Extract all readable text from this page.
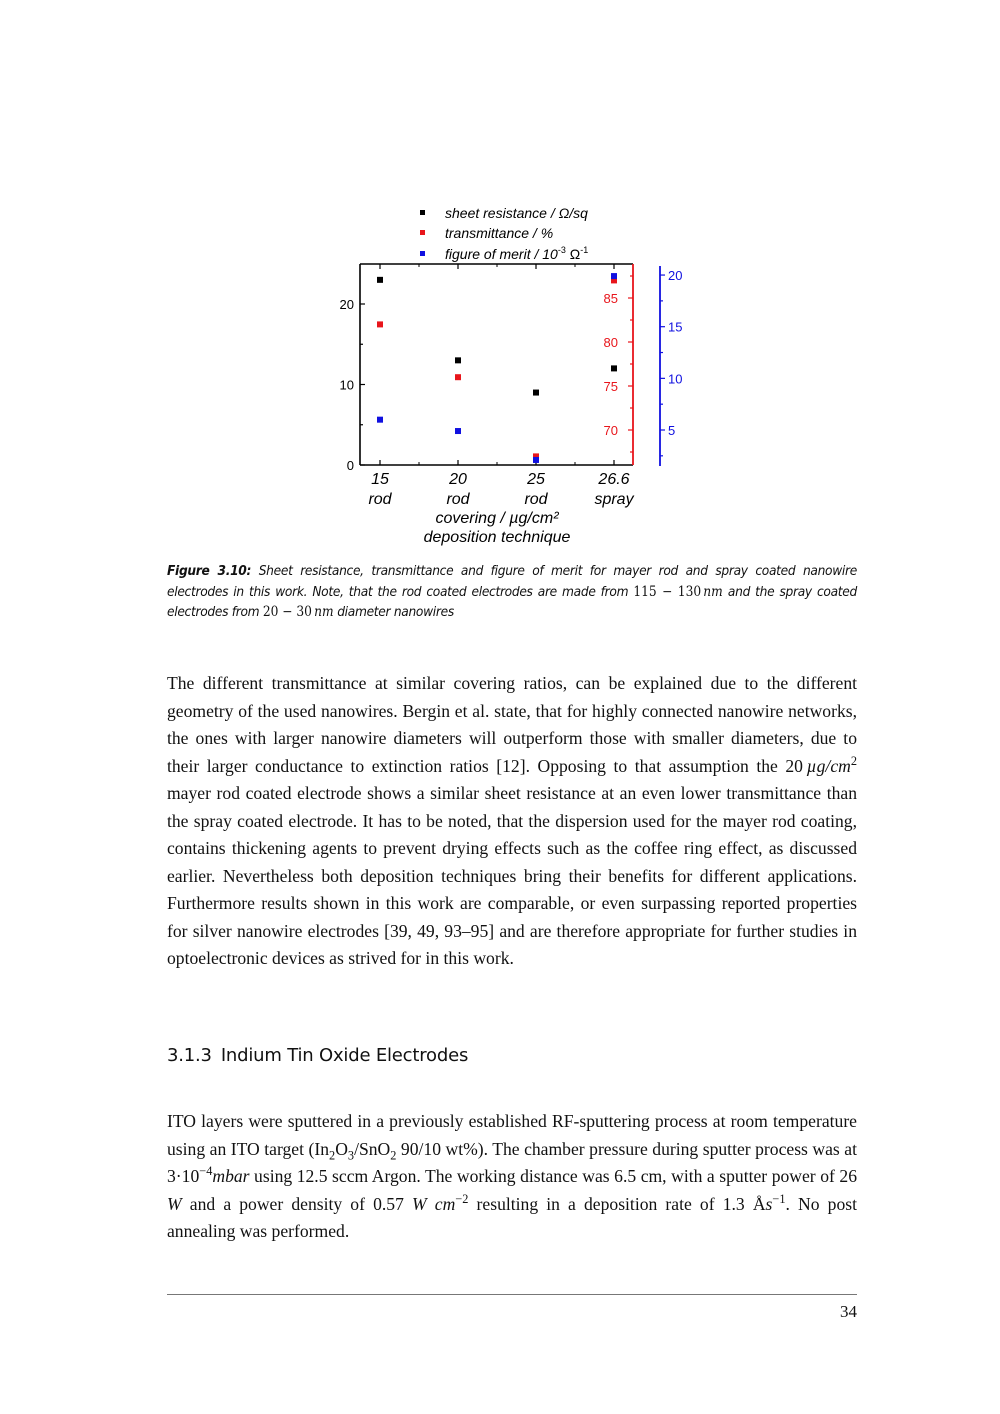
0
10
20
70
75
80
85
5
10
15
20
15
rod
20
rod
25
rod
26.6
spray
covering / µg/cm²
deposition technique
sheet resistance / Ω/sq
transmittance / %
figure of merit / $10^{-3}$ $\Omega^{-1}$
Figure 3.10: Sheet resistance, transmittance and figure of merit for mayer rod and spray coated nanowire electrodes in this work. Note, that the rod coated electrodes are made from 115 − 130  nm and the spray coated electrodes from 20 − 30  nm diameter nanowires
The different transmittance at similar covering ratios, can be explained due to the different geometry of the used nanowires. Bergin et al. state, that for highly connected nanowire networks, the ones with larger nanowire diameters will outperform those with smaller diameters, due to their larger conductance to extinction ratios [12]. Opposing to that assumption the 20  $\mu g/cm^2$ mayer rod coated electrode shows a similar sheet resistance at an even lower transmittance than the spray coated electrode. It has to be noted, that the dispersion used for the mayer rod coating, contains thickening agents to prevent drying effects such as the coffee ring effect, as discussed earlier. Nevertheless both deposition techniques bring their benefits for different applications. Furthermore results shown in this work are comparable, or even surpassing reported properties for silver nanowire electrodes [39, 49, 93–95] and are therefore appropriate for further studies in optoelectronic devices as strived for in this work.
3.1.3 Indium Tin Oxide Electrodes
ITO layers were sputtered in a previously established RF-sputtering process at room temperature using an ITO target ($In_2O_3/SnO_2$ 90/10 wt%). The chamber pressure during sputter process was at $3\cdot 10^{-4}mbar$ using 12.5 sccm Argon. The working distance was 6.5 cm, with a sputter power of 26 W and a power density of 0.57 W $cm^{-2}$ resulting in a deposition rate of 1.3 $Ås^{-1}$. No post annealing was performed.
34
